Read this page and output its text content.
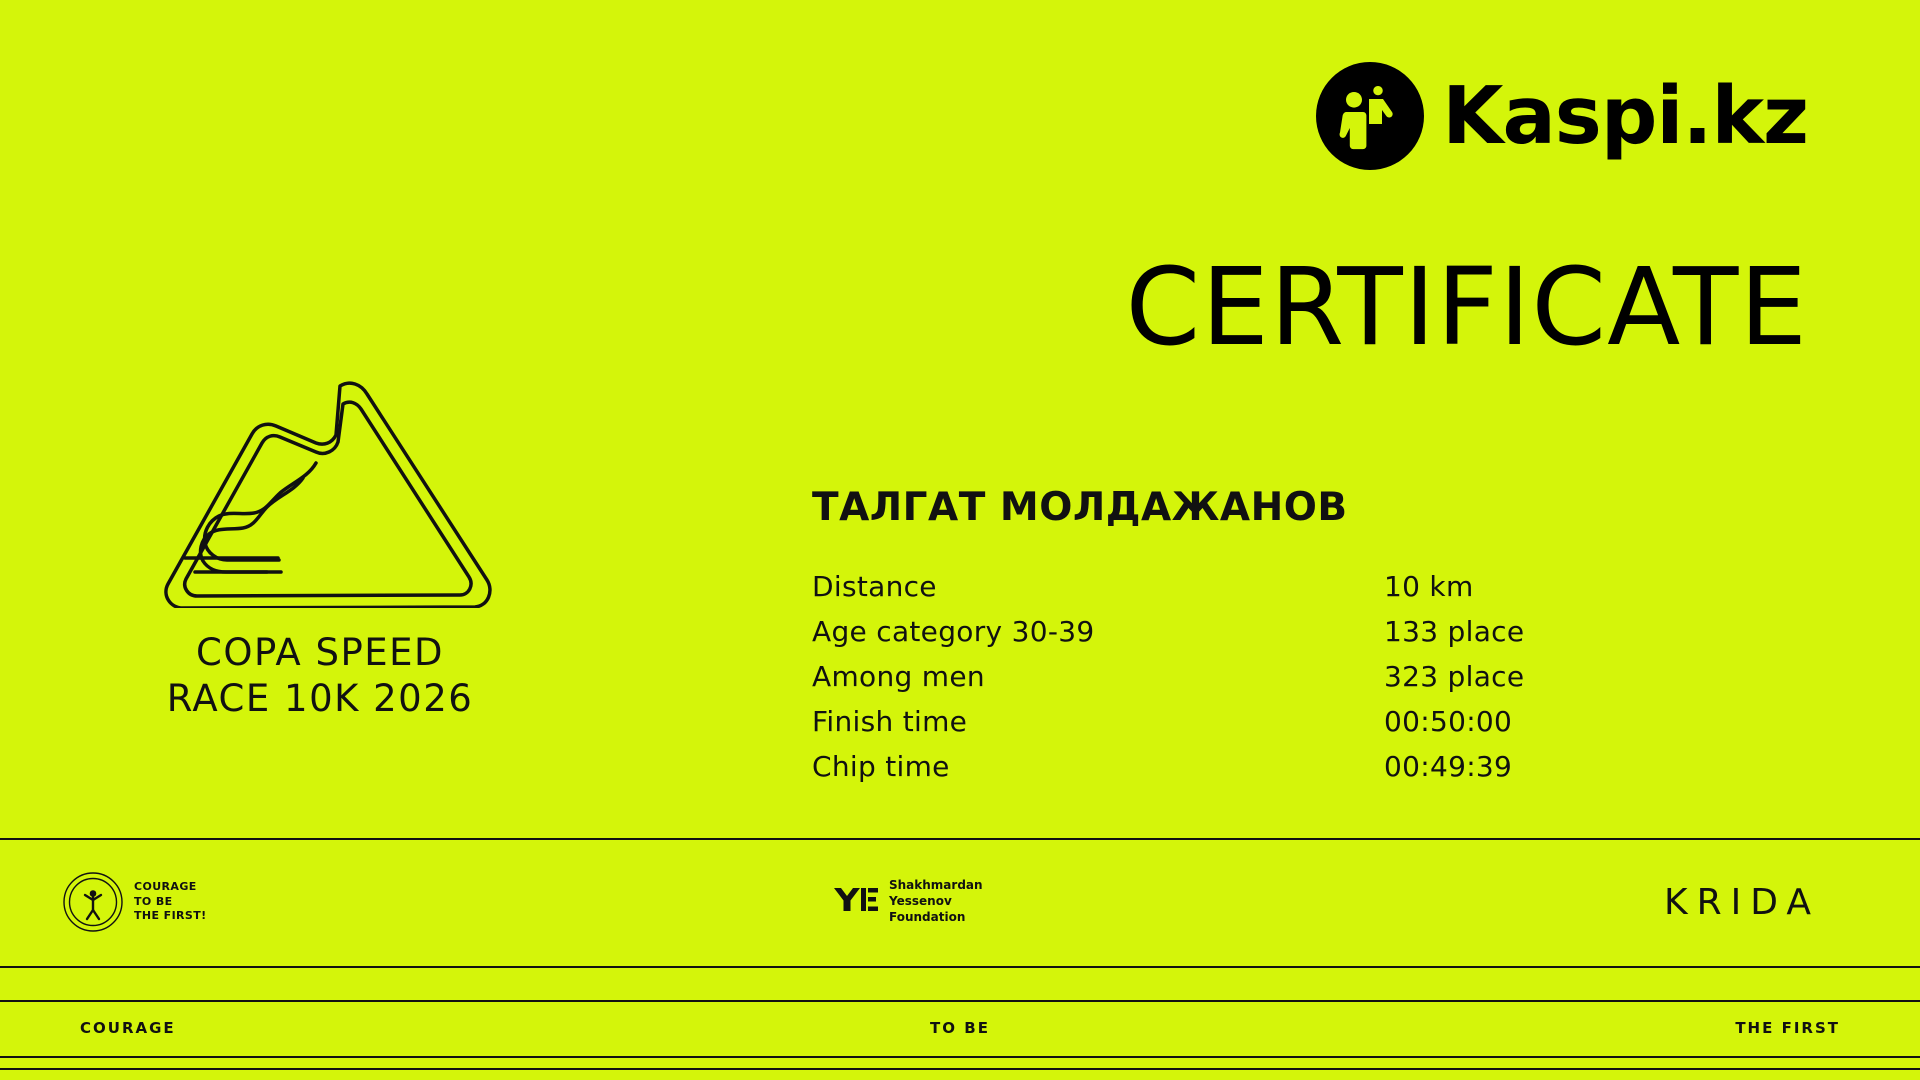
Kaspi.kz
CERTIFICATE
COPA SPEED
RACE 10K 2026
ТАЛГАТ МОЛДАЖАНОВ
Distance	10 km
Age category 30-39	133 place
Among men	323 place
Finish time	00:50:00
Chip time	00:49:39
COURAGE
TO BE
THE FIRST!
Shakhmardan
Yessenov
Foundation	KRIDA
COURAGE	TO BE	THE FIRST
